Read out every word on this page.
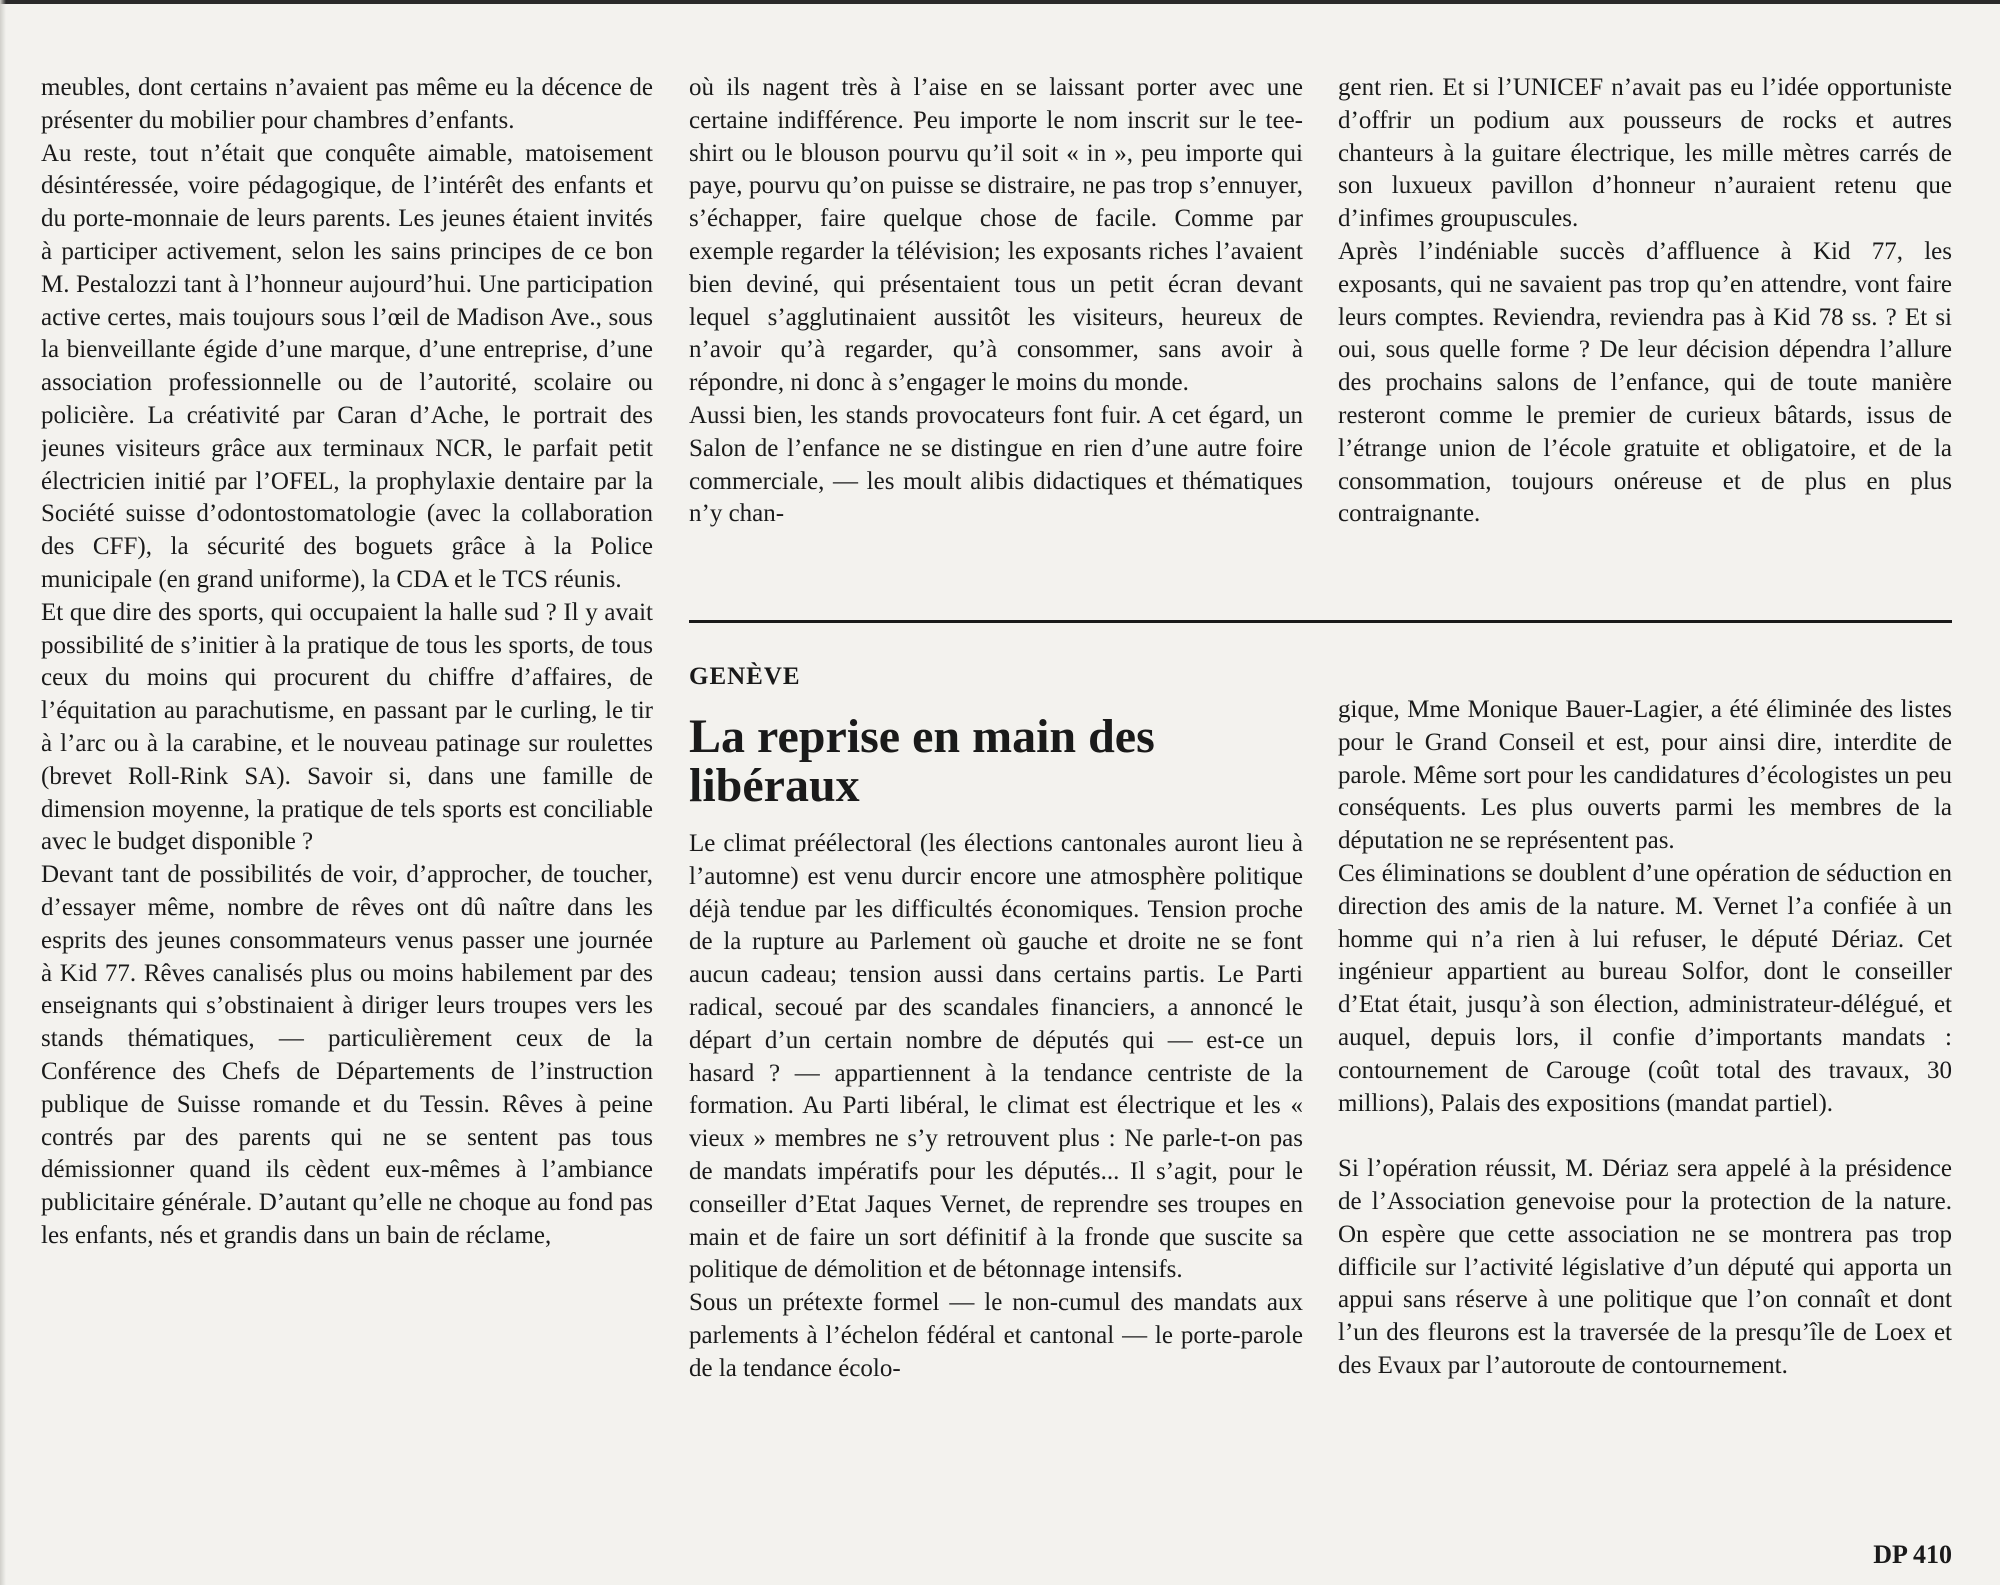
meubles, dont certains n’avaient pas même eu la décence de présenter du mobilier pour chambres d’enfants.

Au reste, tout n’était que conquête aimable, matoisement désintéressée, voire pédagogique, de l’intérêt des enfants et du porte-monnaie de leurs parents. Les jeunes étaient invités à participer activement, selon les sains principes de ce bon M. Pestalozzi tant à l’honneur aujourd’hui. Une participation active certes, mais toujours sous l’œil de Madison Ave., sous la bienveillante égide d’une marque, d’une entreprise, d’une association professionnelle ou de l’autorité, scolaire ou policière. La créativité par Caran d’Ache, le portrait des jeunes visiteurs grâce aux terminaux NCR, le parfait petit électricien initié par l’OFEL, la prophylaxie dentaire par la Société suisse d’odontostomatologie (avec la collaboration des CFF), la sécurité des boguets grâce à la Police municipale (en grand uniforme), la CDA et le TCS réunis.

Et que dire des sports, qui occupaient la halle sud ? Il y avait possibilité de s’initier à la pratique de tous les sports, de tous ceux du moins qui procurent du chiffre d’affaires, de l’équitation au parachutisme, en passant par le curling, le tir à l’arc ou à la carabine, et le nouveau patinage sur roulettes (brevet Roll-Rink SA). Savoir si, dans une famille de dimension moyenne, la pratique de tels sports est conciliable avec le budget disponible ?

Devant tant de possibilités de voir, d’approcher, de toucher, d’essayer même, nombre de rêves ont dû naître dans les esprits des jeunes consommateurs venus passer une journée à Kid 77. Rêves canalisés plus ou moins habilement par des enseignants qui s’obstinaient à diriger leurs troupes vers les stands thématiques, — particulièrement ceux de la Conférence des Chefs de Départements de l’instruction publique de Suisse romande et du Tessin. Rêves à peine contrés par des parents qui ne se sentent pas tous démissionner quand ils cèdent eux-mêmes à l’ambiance publicitaire générale. D’autant qu’elle ne choque au fond pas les enfants, nés et grandis dans un bain de réclame,

où ils nagent très à l’aise en se laissant porter avec une certaine indifférence. Peu importe le nom inscrit sur le tee-shirt ou le blouson pourvu qu’il soit « in », peu importe qui paye, pourvu qu’on puisse se distraire, ne pas trop s’ennuyer, s’échapper, faire quelque chose de facile. Comme par exemple regarder la télévision; les exposants riches l’avaient bien deviné, qui présentaient tous un petit écran devant lequel s’agglutinaient aussitôt les visiteurs, heureux de n’avoir qu’à regarder, qu’à consommer, sans avoir à répondre, ni donc à s’engager le moins du monde.

Aussi bien, les stands provocateurs font fuir. A cet égard, un Salon de l’enfance ne se distingue en rien d’une autre foire commerciale, — les moult alibis didactiques et thématiques n’y chan-

gent rien. Et si l’UNICEF n’avait pas eu l’idée opportuniste d’offrir un podium aux pousseurs de rocks et autres chanteurs à la guitare électrique, les mille mètres carrés de son luxueux pavillon d’honneur n’auraient retenu que d’infimes groupuscules.

Après l’indéniable succès d’affluence à Kid 77, les exposants, qui ne savaient pas trop qu’en attendre, vont faire leurs comptes. Reviendra, reviendra pas à Kid 78 ss. ? Et si oui, sous quelle forme ? De leur décision dépendra l’allure des prochains salons de l’enfance, qui de toute manière resteront comme le premier de curieux bâtards, issus de l’étrange union de l’école gratuite et obligatoire, et de la consommation, toujours onéreuse et de plus en plus contraignante.

GENÈVE
La reprise en main des libéraux

Le climat préélectoral (les élections cantonales auront lieu à l’automne) est venu durcir encore une atmosphère politique déjà tendue par les difficultés économiques. Tension proche de la rupture au Parlement où gauche et droite ne se font aucun cadeau; tension aussi dans certains partis. Le Parti radical, secoué par des scandales financiers, a annoncé le départ d’un certain nombre de députés qui — est-ce un hasard ? — appartiennent à la tendance centriste de la formation. Au Parti libéral, le climat est électrique et les « vieux » membres ne s’y retrouvent plus : Ne parle-t-on pas de mandats impératifs pour les députés... Il s’agit, pour le conseiller d’Etat Jaques Vernet, de reprendre ses troupes en main et de faire un sort définitif à la fronde que suscite sa politique de démolition et de bétonnage intensifs.

Sous un prétexte formel — le non-cumul des mandats aux parlements à l’échelon fédéral et cantonal — le porte-parole de la tendance écolo-

gique, Mme Monique Bauer-Lagier, a été éliminée des listes pour le Grand Conseil et est, pour ainsi dire, interdite de parole. Même sort pour les candidatures d’écologistes un peu conséquents. Les plus ouverts parmi les membres de la députation ne se représentent pas.

Ces éliminations se doublent d’une opération de séduction en direction des amis de la nature. M. Vernet l’a confiée à un homme qui n’a rien à lui refuser, le député Dériaz. Cet ingénieur appartient au bureau Solfor, dont le conseiller d’Etat était, jusqu’à son élection, administrateur-délégué, et auquel, depuis lors, il confie d’importants mandats : contournement de Carouge (coût total des travaux, 30 millions), Palais des expositions (mandat partiel).

Si l’opération réussit, M. Dériaz sera appelé à la présidence de l’Association genevoise pour la protection de la nature. On espère que cette association ne se montrera pas trop difficile sur l’activité législative d’un député qui apporta un appui sans réserve à une politique que l’on connaît et dont l’un des fleurons est la traversée de la presqu’île de Loex et des Evaux par l’autoroute de contournement.

DP 410
